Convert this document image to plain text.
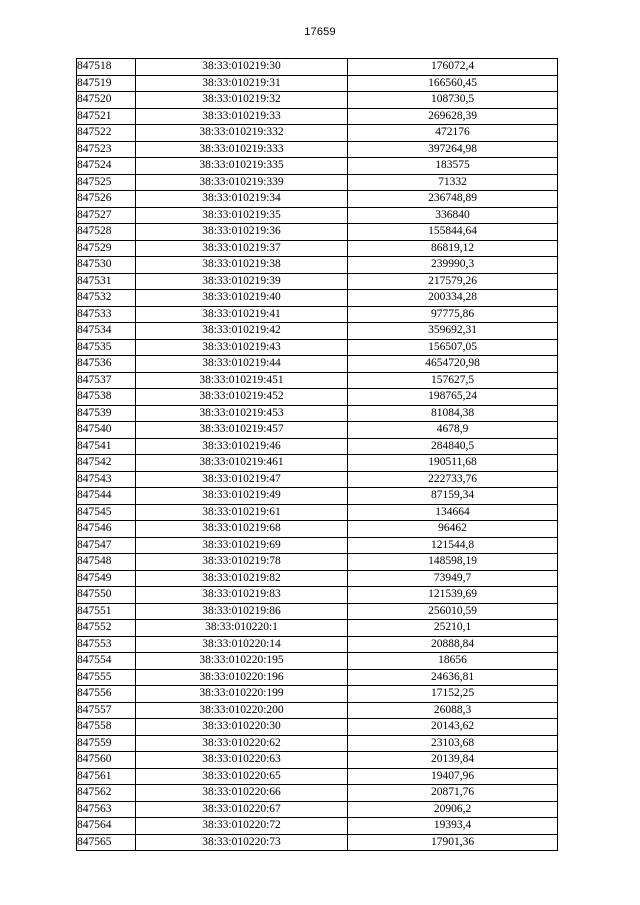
17659
847518	38:33:010219:30	176072,4
847519	38:33:010219:31	166560,45
847520	38:33:010219:32	108730,5
847521	38:33:010219:33	269628,39
847522	38:33:010219:332	472176
847523	38:33:010219:333	397264,98
847524	38:33:010219:335	183575
847525	38:33:010219:339	71332
847526	38:33:010219:34	236748,89
847527	38:33:010219:35	336840
847528	38:33:010219:36	155844,64
847529	38:33:010219:37	86819,12
847530	38:33:010219:38	239990,3
847531	38:33:010219:39	217579,26
847532	38:33:010219:40	200334,28
847533	38:33:010219:41	97775,86
847534	38:33:010219:42	359692,31
847535	38:33:010219:43	156507,05
847536	38:33:010219:44	4654720,98
847537	38:33:010219:451	157627,5
847538	38:33:010219:452	198765,24
847539	38:33:010219:453	81084,38
847540	38:33:010219:457	4678,9
847541	38:33:010219:46	284840,5
847542	38:33:010219:461	190511,68
847543	38:33:010219:47	222733,76
847544	38:33:010219:49	87159,34
847545	38:33:010219:61	134664
847546	38:33:010219:68	96462
847547	38:33:010219:69	121544,8
847548	38:33:010219:78	148598,19
847549	38:33:010219:82	73949,7
847550	38:33:010219:83	121539,69
847551	38:33:010219:86	256010,59
847552	38:33:010220:1	25210,1
847553	38:33:010220:14	20888,84
847554	38:33:010220:195	18656
847555	38:33:010220:196	24636,81
847556	38:33:010220:199	17152,25
847557	38:33:010220:200	26088,3
847558	38:33:010220:30	20143,62
847559	38:33:010220:62	23103,68
847560	38:33:010220:63	20139,84
847561	38:33:010220:65	19407,96
847562	38:33:010220:66	20871,76
847563	38:33:010220:67	20906,2
847564	38:33:010220:72	19393,4
847565	38:33:010220:73	17901,36
